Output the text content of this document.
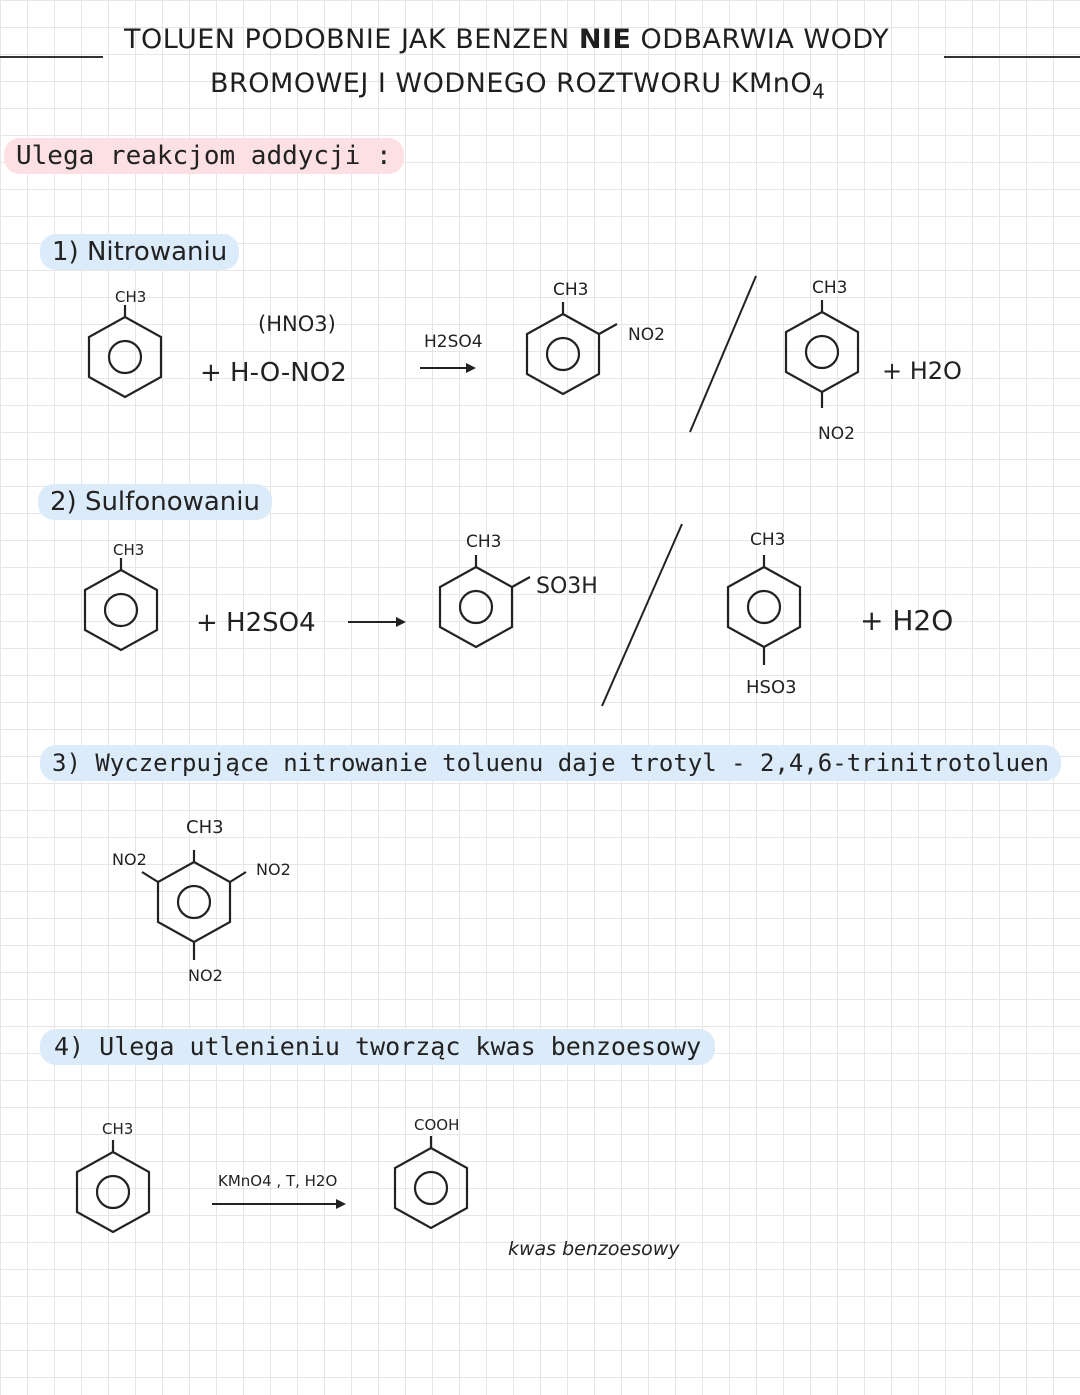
TOLUEN PODOBNIE JAK BENZEN NIE ODBARWIA WODY
BROMOWEJ I WODNEGO ROZTWORU KMnO$_4$
Ulega reakcjom addycji :
1) Nitrowaniu
CH3
(HNO3)
+ H-O-NO2
H2SO4
CH3
NO2
CH3
NO2
+ H2O
2) Sulfonowaniu
CH3
+ H2SO4
CH3
SO3H
CH3
HSO3
+ H2O
3) Wyczerpujące nitrowanie toluenu daje trotyl - 2,4,6-trinitrotoluen
CH3
NO2
NO2
NO2
4) Ulega utlenieniu tworząc kwas benzoesowy
CH3
KMnO4 , T, H2O
COOH
kwas benzoesowy
